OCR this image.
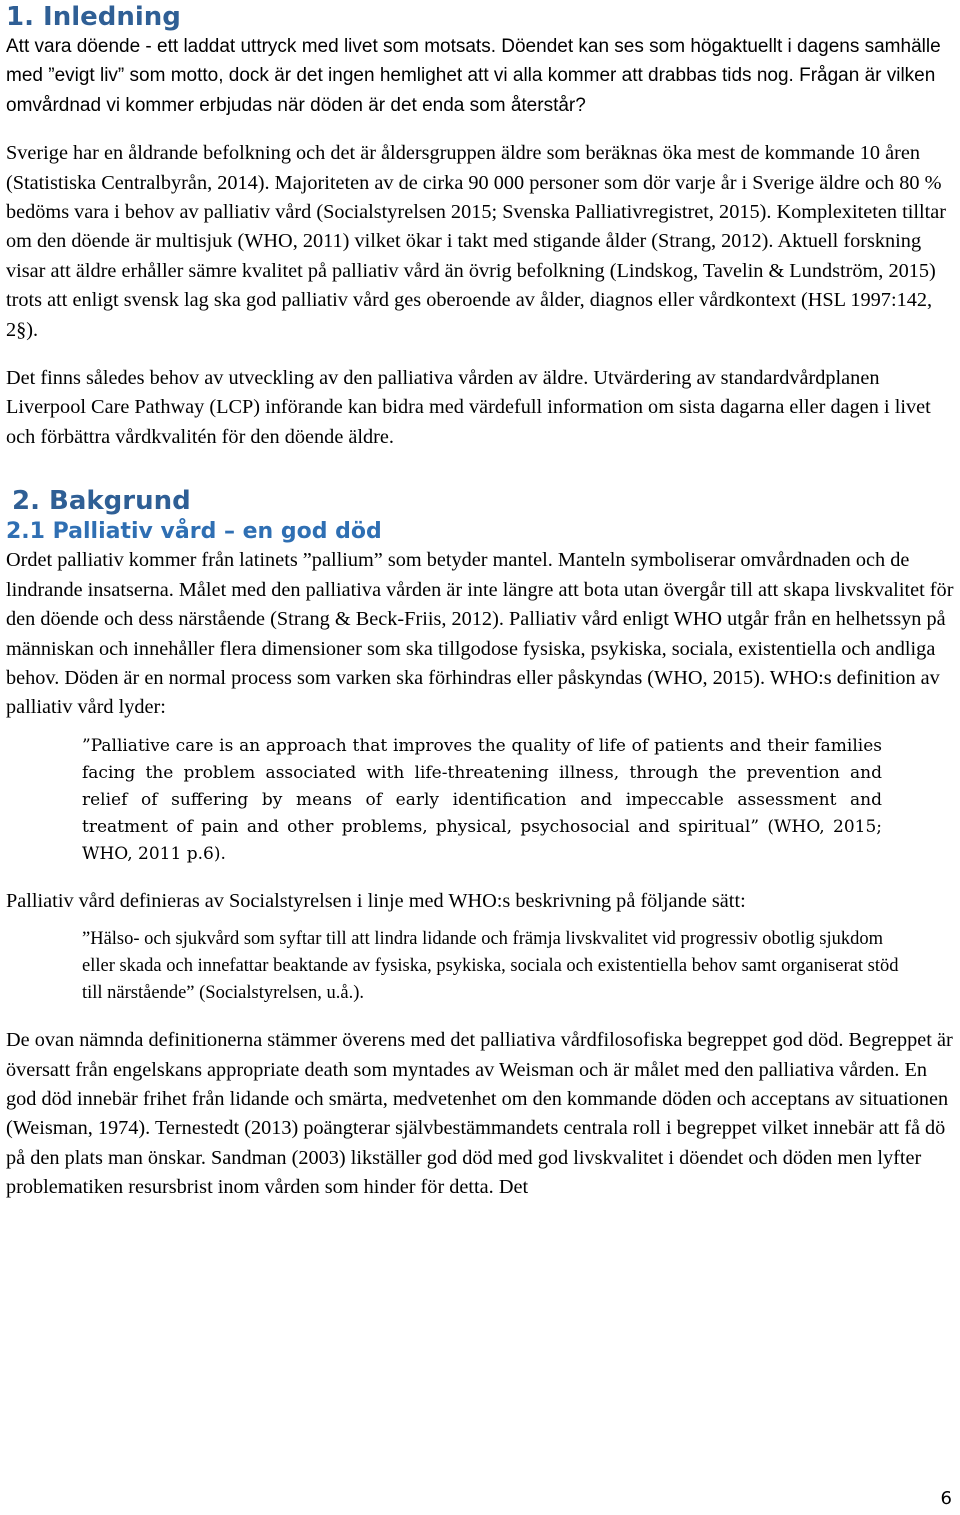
1. Inledning

Att vara döende - ett laddat uttryck med livet som motsats. Döendet kan ses som högaktuellt i dagens samhälle med ”evigt liv” som motto, dock är det ingen hemlighet att vi alla kommer att drabbas tids nog. Frågan är vilken omvårdnad vi kommer erbjudas när döden är det enda som återstår?

Sverige har en åldrande befolkning och det är åldersgruppen äldre som beräknas öka mest de kommande 10 åren (Statistiska Centralbyrån, 2014). Majoriteten av de cirka 90 000 personer som dör varje år i Sverige äldre och 80 % bedöms vara i behov av palliativ vård (Socialstyrelsen 2015; Svenska Palliativregistret, 2015). Komplexiteten tilltar om den döende är multisjuk (WHO, 2011) vilket ökar i takt med stigande ålder (Strang, 2012). Aktuell forskning visar att äldre erhåller sämre kvalitet på palliativ vård än övrig befolkning (Lindskog, Tavelin & Lundström, 2015) trots att enligt svensk lag ska god palliativ vård ges oberoende av ålder, diagnos eller vårdkontext (HSL 1997:142, 2§).

Det finns således behov av utveckling av den palliativa vården av äldre. Utvärdering av standardvårdplanen Liverpool Care Pathway (LCP) införande kan bidra med värdefull information om sista dagarna eller dagen i livet och förbättra vårdkvalitén för den döende äldre.

2. Bakgrund
2.1 Palliativ vård – en god död

Ordet palliativ kommer från latinets ”pallium” som betyder mantel. Manteln symboliserar omvårdnaden och de lindrande insatserna. Målet med den palliativa vården är inte längre att bota utan övergår till att skapa livskvalitet för den döende och dess närstående (Strang & Beck-Friis, 2012). Palliativ vård enligt WHO utgår från en helhetssyn på människan och innehåller flera dimensioner som ska tillgodose fysiska, psykiska, sociala, existentiella och andliga behov. Döden är en normal process som varken ska förhindras eller påskyndas (WHO, 2015). WHO:s definition av palliativ vård lyder:

”Palliative care is an approach that improves the quality of life of patients and their families facing the problem associated with life-threatening illness, through the prevention and relief of suffering by means of early identification and impeccable assessment and treatment of pain and other problems, physical, psychosocial and spiritual” (WHO, 2015; WHO, 2011 p.6).

Palliativ vård definieras av Socialstyrelsen i linje med WHO:s beskrivning på följande sätt:

”Hälso- och sjukvård som syftar till att lindra lidande och främja livskvalitet vid progressiv obotlig sjukdom eller skada och innefattar beaktande av fysiska, psykiska, sociala och existentiella behov samt organiserat stöd till närstående” (Socialstyrelsen, u.å.).

De ovan nämnda definitionerna stämmer överens med det palliativa vårdfilosofiska begreppet god död. Begreppet är översatt från engelskans appropriate death som myntades av Weisman och är målet med den palliativa vården. En god död innebär frihet från lidande och smärta, medvetenhet om den kommande döden och acceptans av situationen (Weisman, 1974). Ternestedt (2013) poängterar självbestämmandets centrala roll i begreppet vilket innebär att få dö på den plats man önskar. Sandman (2003) likställer god död med god livskvalitet i döendet och döden men lyfter problematiken resursbrist inom vården som hinder för detta. Det

6
